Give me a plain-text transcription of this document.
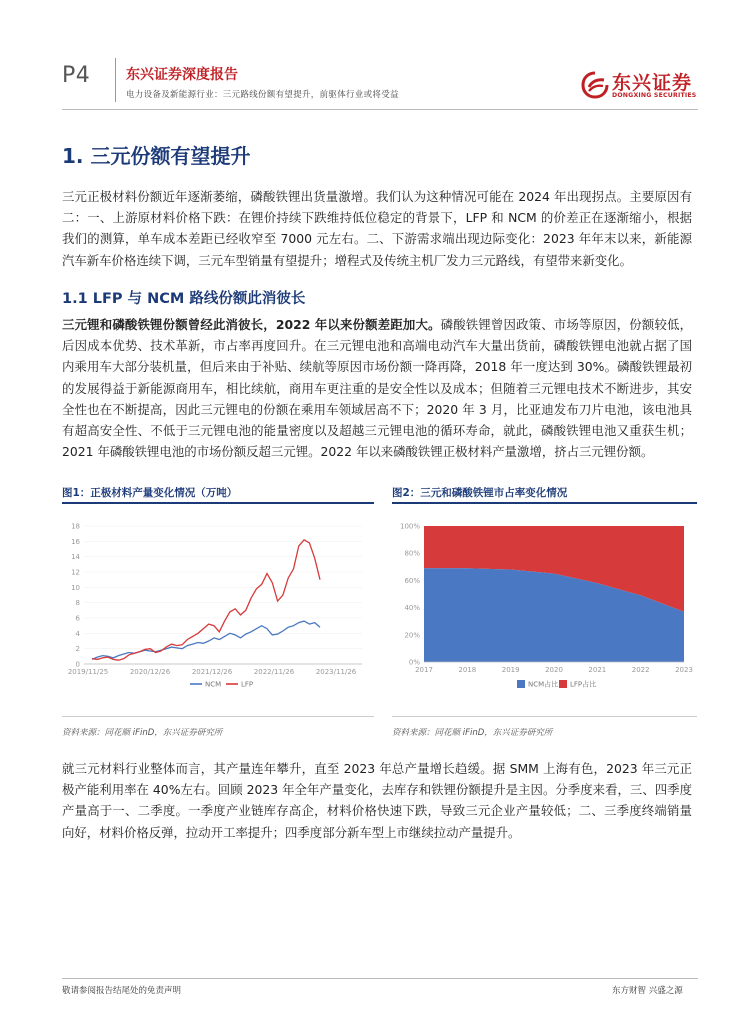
P4	东兴证券深度报告
电力设备及新能源行业：三元路线份额有望提升，前驱体行业或将受益
东兴证券
DONGXING SECURITIES
1. 三元份额有望提升
三元正极材料份额近年逐渐萎缩，磷酸铁锂出货量激增。我们认为这种情况可能在 2024 年出现拐点。主要原因有二：一、上游原材料价格下跌：在锂价持续下跌维持低位稳定的背景下，LFP 和 NCM 的价差正在逐渐缩小，根据我们的测算，单车成本差距已经收窄至 7000 元左右。二、下游需求端出现边际变化：2023 年年末以来，新能源汽车新车价格连续下调，三元车型销量有望提升；增程式及传统主机厂发力三元路线，有望带来新变化。
1.1 LFP 与 NCM 路线份额此消彼长
三元锂和磷酸铁锂份额曾经此消彼长，2022 年以来份额差距加大。磷酸铁锂曾因政策、市场等原因，份额较低，后因成本优势、技术革新，市占率再度回升。在三元锂电池和高端电动汽车大量出货前，磷酸铁锂电池就占据了国内乘用车大部分装机量，但后来由于补贴、续航等原因市场份额一降再降，2018 年一度达到 30%。磷酸铁锂最初的发展得益于新能源商用车，相比续航，商用车更注重的是安全性以及成本；但随着三元锂电技术不断进步，其安全性也在不断提高，因此三元锂电的份额在乘用车领域居高不下；2020 年 3 月，比亚迪发布刀片电池，该电池具有超高安全性、不低于三元锂电池的能量密度以及超越三元锂电池的循环寿命，就此，磷酸铁锂电池又重获生机；2021 年磷酸铁锂电池的市场份额反超三元锂。2022 年以来磷酸铁锂正极材料产量激增，挤占三元锂份额。
图1：正极材料产量变化情况（万吨）
0
2
4
6
8
10
12
14
16
18
2019/11/25	2020/12/26	2021/12/26	2022/11/26	2023/11/26
NCM	LFP
资料来源：同花顺 iFinD，东兴证券研究所
图2：三元和磷酸铁锂市占率变化情况
0%
20%
40%
60%
80%
100%
2017	2018	2019	2020	2021	2022	2023
NCM占比 LFP占比
资料来源：同花顺 iFinD，东兴证券研究所
就三元材料行业整体而言，其产量连年攀升，直至 2023 年总产量增长趋缓。据 SMM 上海有色，2023 年三元正极产能利用率在 40%左右。回顾 2023 年全年产量变化，去库存和铁锂份额提升是主因。分季度来看，三、四季度产量高于一、二季度。一季度产业链库存高企，材料价格快速下跌，导致三元企业产量较低；二、三季度终端销量向好，材料价格反弹，拉动开工率提升；四季度部分新车型上市继续拉动产量提升。
敬请参阅报告结尾处的免责声明	东方财智 兴盛之源
